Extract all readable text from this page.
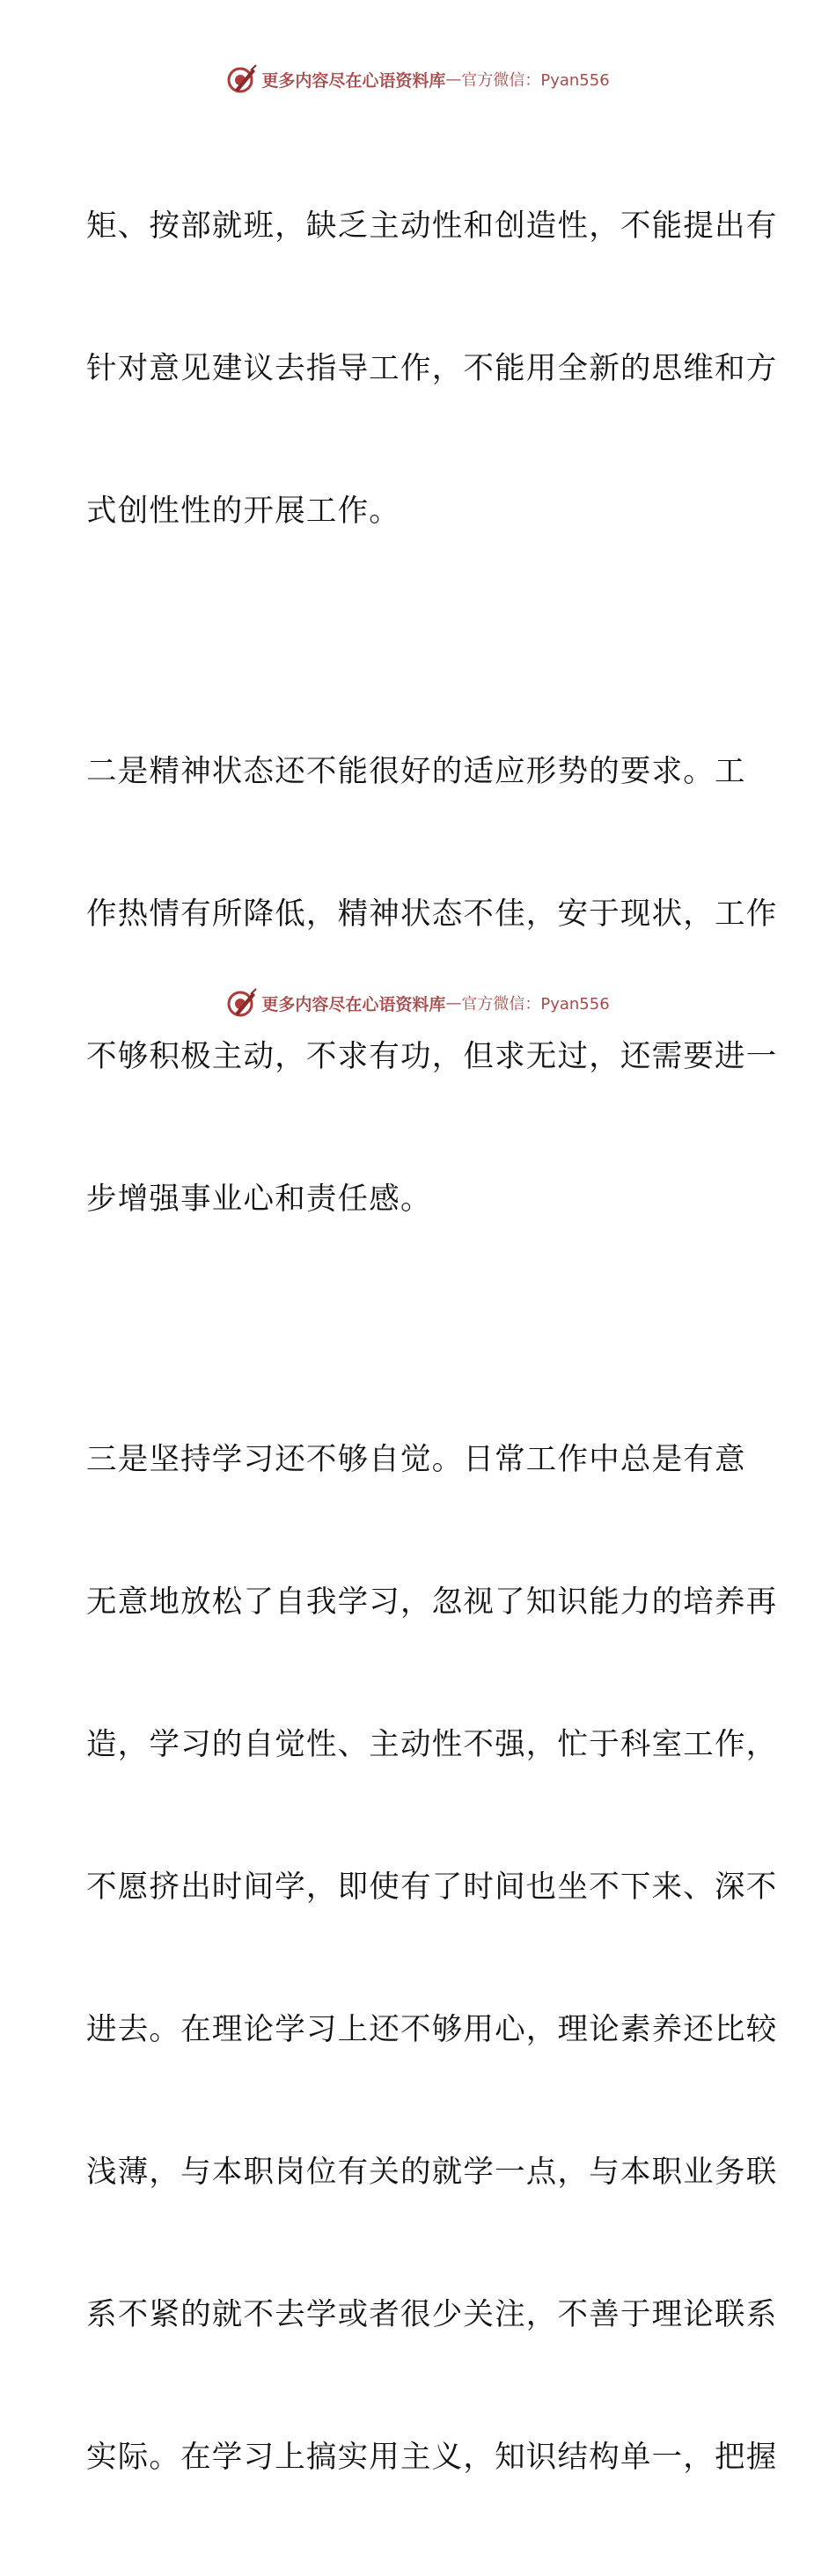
更多内容尽在心语资料库 — 官方微信：Pyan556

矩、按部就班，缺乏主动性和创造性，不能提出有

针对意见建议去指导工作，不能用全新的思维和方

式创性性的开展工作。

二是精神状态还不能很好的适应形势的要求。工

作热情有所降低，精神状态不佳，安于现状，工作

不够积极主动，不求有功，但求无过，还需要进一

步增强事业心和责任感。

三是坚持学习还不够自觉。日常工作中总是有意

无意地放松了自我学习，忽视了知识能力的培养再

造，学习的自觉性、主动性不强，忙于科室工作，

不愿挤出时间学，即使有了时间也坐不下来、深不

进去。在理论学习上还不够用心，理论素养还比较

浅薄，与本职岗位有关的就学一点，与本职业务联

系不紧的就不去学或者很少关注，不善于理论联系

实际。在学习上搞实用主义，知识结构单一，把握

更多内容尽在心语资料库 — 官方微信：Pyan556
